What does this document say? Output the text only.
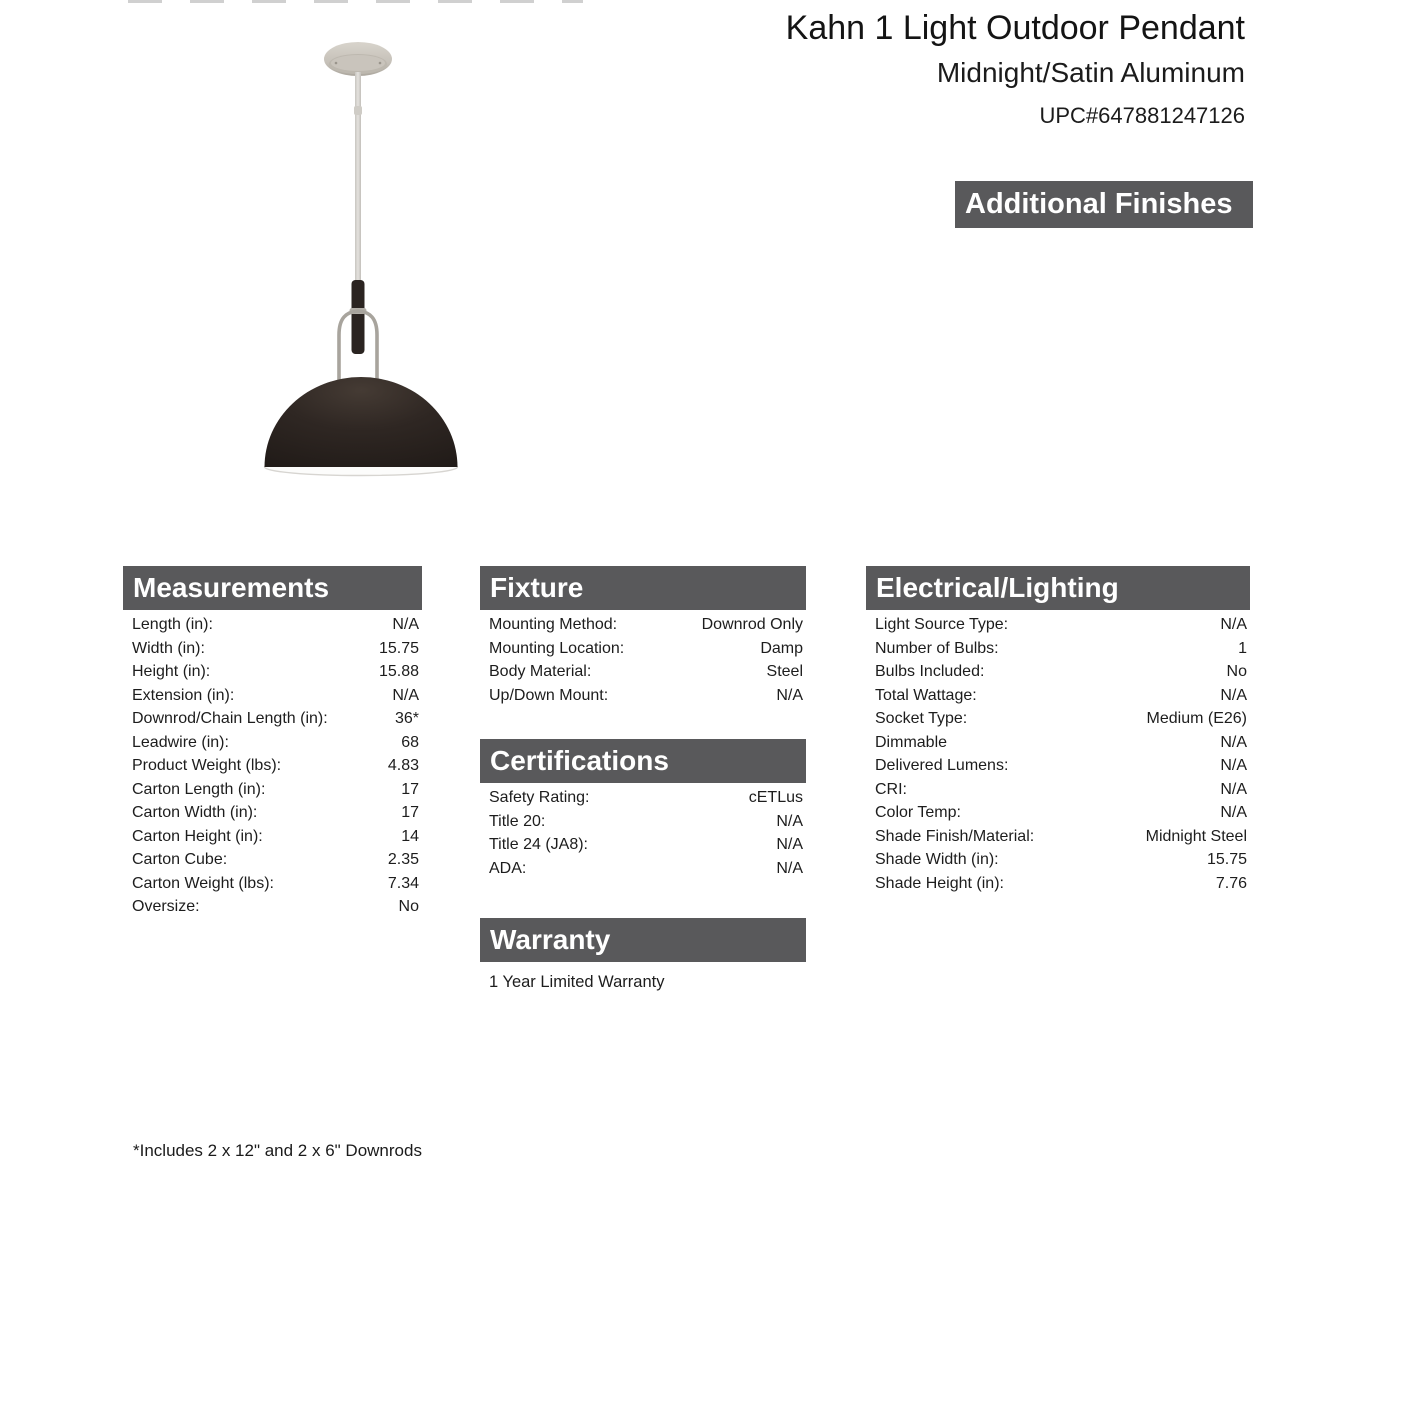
Kahn 1 Light Outdoor Pendant
Midnight/Satin Aluminum
UPC#647881247126
Additional Finishes
Measurements
Length (in):	N/A
Width (in):	15.75
Height (in):	15.88
Extension (in):	N/A
Downrod/Chain Length (in):	36*
Leadwire (in):	68
Product Weight (lbs):	4.83
Carton Length (in):	17
Carton Width (in):	17
Carton Height (in):	14
Carton Cube:	2.35
Carton Weight (lbs):	7.34
Oversize:	No
Fixture
Mounting Method:	Downrod Only
Mounting Location:	Damp
Body Material:	Steel
Up/Down Mount:	N/A
Certifications
Safety Rating:	cETLus
Title 20:	N/A
Title 24 (JA8):	N/A
ADA:	N/A
Warranty
1 Year Limited Warranty
Electrical/Lighting
Light Source Type:	N/A
Number of Bulbs:	1
Bulbs Included:	No
Total Wattage:	N/A
Socket Type:	Medium (E26)
Dimmable	N/A
Delivered Lumens:	N/A
CRI:	N/A
Color Temp:	N/A
Shade Finish/Material:	Midnight Steel
Shade Width (in):	15.75
Shade Height (in):	7.76
*Includes 2 x 12" and 2 x 6" Downrods
